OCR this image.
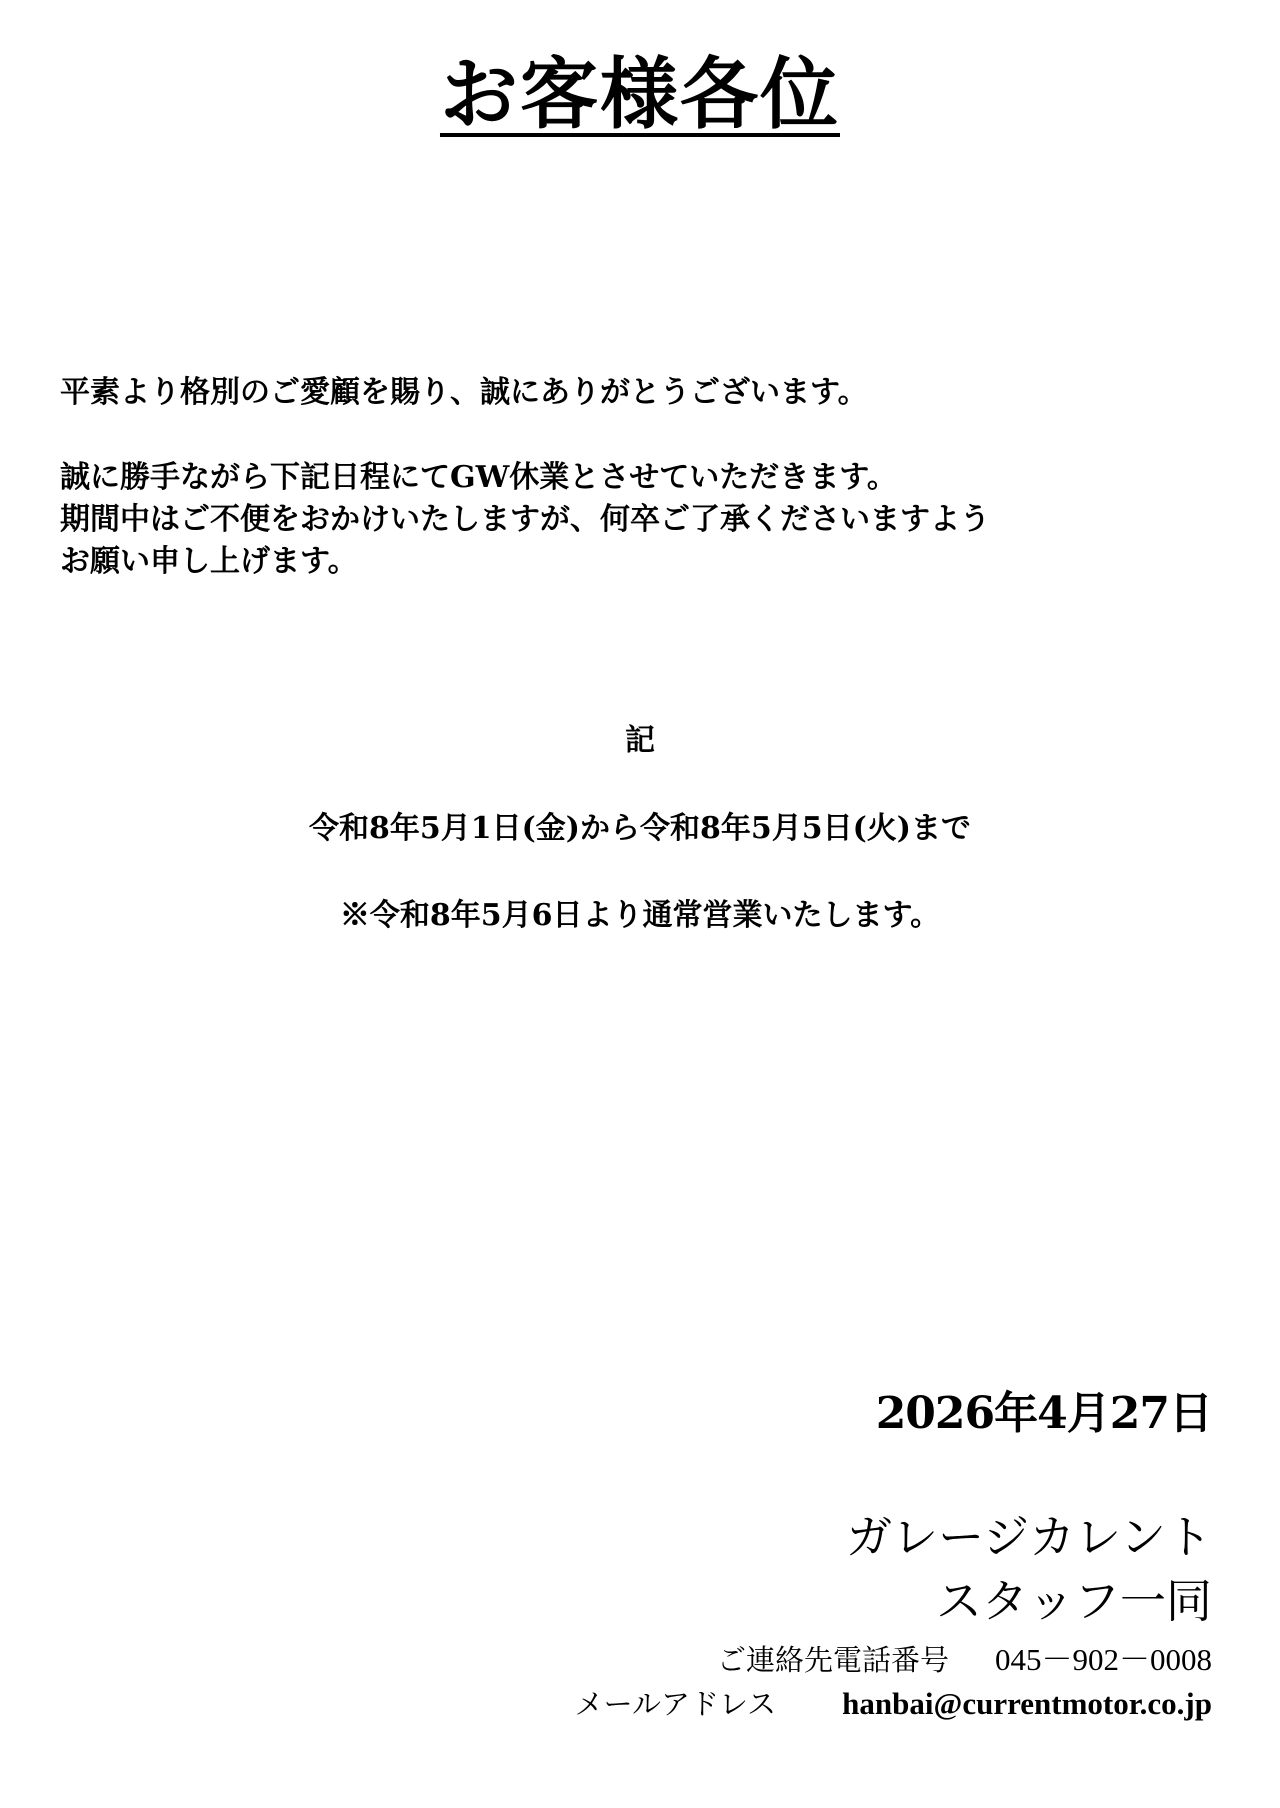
お客様各位

平素より格別のご愛顧を賜り、誠にありがとうございます。

誠に勝手ながら下記日程にてGW休業とさせていただきます。

期間中はご不便をおかけいたしますが、何卒ご了承くださいますよう

お願い申し上げます。

記

令和8年5月1日(金)から令和8年5月5日(火)まで

※令和8年5月6日より通常営業いたします。

2026年4月27日

ガレージカレント

スタッフ一同

ご連絡先電話番号 045－902－0008
メールアドレス hanbai@currentmotor.co.jp
